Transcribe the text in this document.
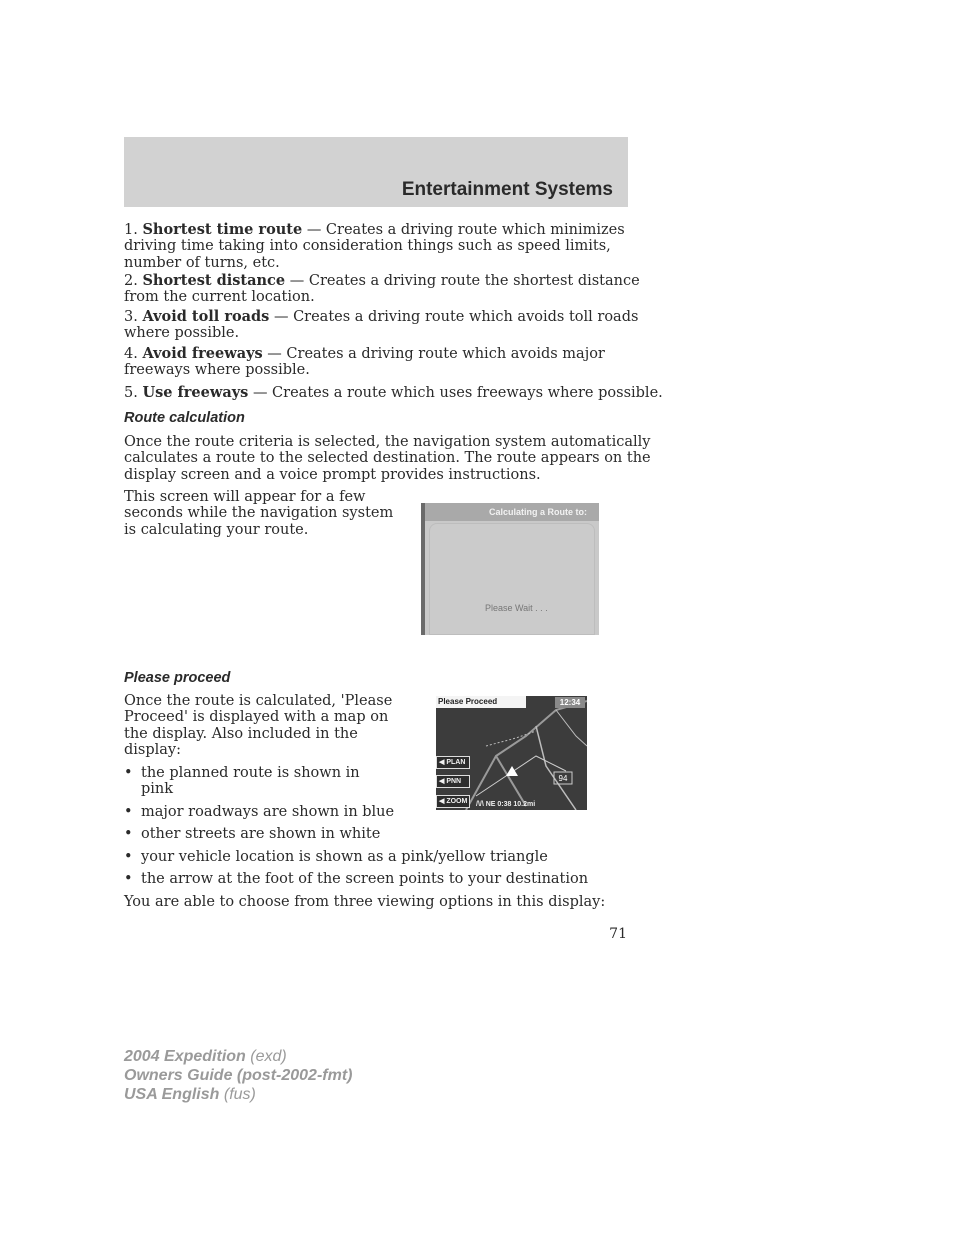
Entertainment Systems
1. Shortest time route — Creates a driving route which minimizes
driving time taking into consideration things such as speed limits,
number of turns, etc.
2. Shortest distance — Creates a driving route the shortest distance
from the current location.
3. Avoid toll roads — Creates a driving route which avoids toll roads
where possible.
4. Avoid freeways — Creates a driving route which avoids major
freeways where possible.
5. Use freeways — Creates a route which uses freeways where possible.
Route calculation
Once the route criteria is selected, the navigation system automatically
calculates a route to the selected destination. The route appears on the
display screen and a voice prompt provides instructions.
This screen will appear for a few
seconds while the navigation system
is calculating your route.
Calculating a Route to:
Please Wait . . .
Please proceed
Once the route is calculated, 'Please
Proceed' is displayed with a map on
the display. Also included in the
display:
• the planned route is shown in
pink
• major roadways are shown in blue
• other streets are shown in white
• your vehicle location is shown as a pink/yellow triangle
• the arrow at the foot of the screen points to your destination
You are able to choose from three viewing options in this display:
94
Please Proceed	12:34
◀ PLAN
◀ PNN
◀ ZOOM	/\/\ NE 0:38 10.2mi
71
2004 Expedition (exd)
Owners Guide (post-2002-fmt)
USA English (fus)
